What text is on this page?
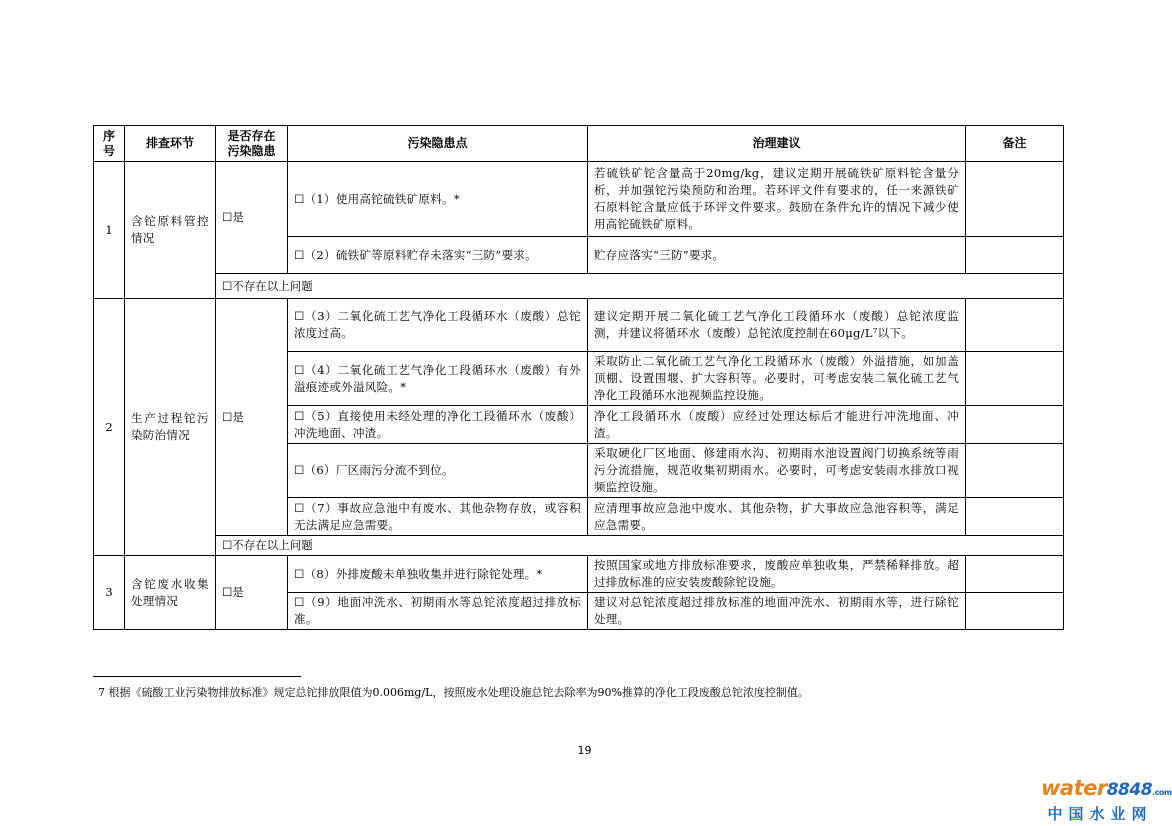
序号	排查环节	是否存在污染隐患	污染隐患点	治理建议	备注
1	含铊原料管控情况	☐是	☐（1）使用高铊硫铁矿原料。*	若硫铁矿铊含量高于20mg/kg，建议定期开展硫铁矿原料铊含量分析，并加强铊污染预防和治理。若环评文件有要求的，任一来源铁矿石原料铊含量应低于环评文件要求。鼓励在条件允许的情况下减少使用高铊硫铁矿原料。	
			☐（2）硫铁矿等原料贮存未落实“三防”要求。	贮存应落实“三防”要求。	
		☐不存在以上问题			
2	生产过程铊污染防治情况	☐是	☐（3）二氧化硫工艺气净化工段循环水（废酸）总铊浓度过高。	建议定期开展二氧化硫工艺气净化工段循环水（废酸）总铊浓度监测，并建议将循环水（废酸）总铊浓度控制在60μg/L⁷以下。	
			☐（4）二氧化硫工艺气净化工段循环水（废酸）有外溢痕迹或外溢风险。*	采取防止二氧化硫工艺气净化工段循环水（废酸）外溢措施，如加盖顶棚、设置围堰、扩大容积等。必要时，可考虑安装二氧化硫工艺气净化工段循环水池视频监控设施。	
			☐（5）直接使用未经处理的净化工段循环水（废酸）冲洗地面、冲渣。	净化工段循环水（废酸）应经过处理达标后才能进行冲洗地面、冲渣。	
			☐（6）厂区雨污分流不到位。	采取硬化厂区地面、修建雨水沟、初期雨水池设置阀门切换系统等雨污分流措施，规范收集初期雨水。必要时，可考虑安装雨水排放口视频监控设施。	
			☐（7）事故应急池中有废水、其他杂物存放，或容积无法满足应急需要。	应清理事故应急池中废水、其他杂物，扩大事故应急池容积等，满足应急需要。	
		☐不存在以上问题			
3	含铊废水收集处理情况	☐是	☐（8）外排废酸未单独收集并进行除铊处理。*	按照国家或地方排放标准要求，废酸应单独收集，严禁稀释排放。超过排放标准的应安装废酸除铊设施。	
			☐（9）地面冲洗水、初期雨水等总铊浓度超过排放标准。	建议对总铊浓度超过排放标准的地面冲洗水、初期雨水等，进行除铊处理。	
7 根据《硫酸工业污染物排放标准》规定总铊排放限值为0.006mg/L，按照废水处理设施总铊去除率为90%推算的净化工段废酸总铊浓度控制值。
19
water8848.com
中国水业网
